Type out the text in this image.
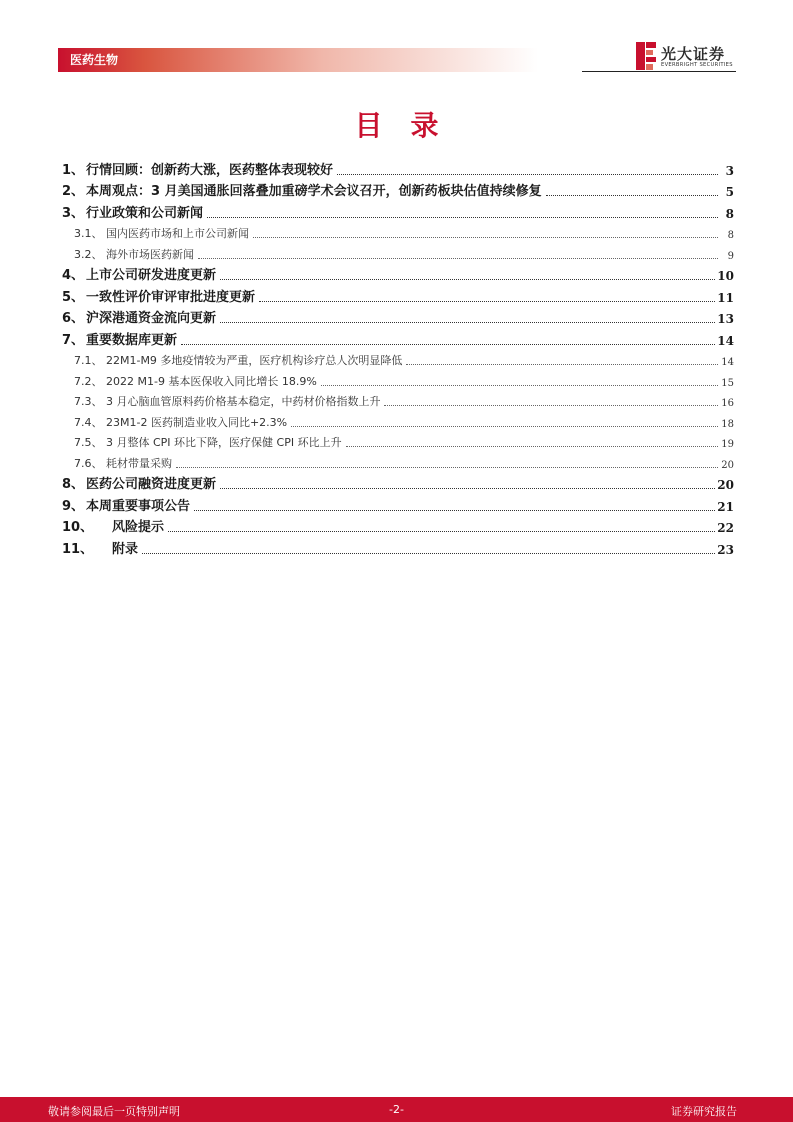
医药生物	光大证券
EVERBRIGHT SECURITIES
目录
1、 行情回顾：创新药大涨，医药整体表现较好	3
2、 本周观点：3 月美国通胀回落叠加重磅学术会议召开，创新药板块估值持续修复	5
3、 行业政策和公司新闻	8
3.1、 国内医药市场和上市公司新闻	8
3.2、 海外市场医药新闻	9
4、 上市公司研发进度更新	10
5、 一致性评价审评审批进度更新	11
6、 沪深港通资金流向更新	13
7、 重要数据库更新	14
7.1、 22M1-M9 多地疫情较为严重，医疗机构诊疗总人次明显降低	14
7.2、 2022 M1-9 基本医保收入同比增长 18.9%	15
7.3、 3 月心脑血管原料药价格基本稳定，中药材价格指数上升	16
7.4、 23M1-2 医药制造业收入同比+2.3%	18
7.5、 3 月整体 CPI 环比下降，医疗保健 CPI 环比上升	19
7.6、 耗材带量采购	20
8、 医药公司融资进度更新	20
9、 本周重要事项公告	21
10、	风险提示	22
11、	附录	23
敬请参阅最后一页特别声明	-2-	证券研究报告
